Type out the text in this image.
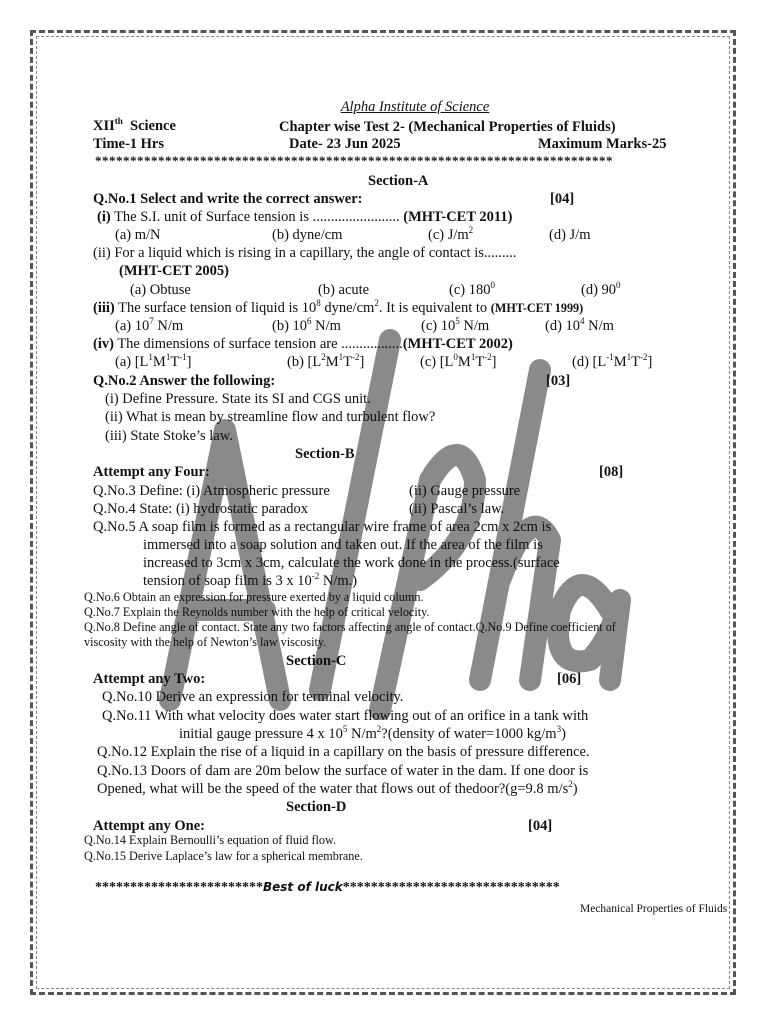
Alpha Institute of Science
XIIth Science	Chapter wise Test 2- (Mechanical Properties of Fluids)
Time-1 Hrs	Date- 23 Jun 2025	Maximum Marks-25
**************************************************************************
Section-A
Q.No.1 Select and write the correct answer:	[04]
(i) The S.I. unit of Surface tension is ........................ (MHT-CET 2011)
(a) m/N	(b) dyne/cm	(c) $J/m^2$	(d) J/m
(ii) For a liquid which is rising in a capillary, the angle of contact is.........
(MHT-CET 2005)
(a) Obtuse	(b) acute	(c) $180^0$	(d) $90^0$
(iii) The surface tension of liquid is $10^8$ dyne/$cm^2$. It is equivalent to (MHT-CET 1999)
(a) $10^7$ N/m	(b) $10^6$ N/m	(c) $10^5$ N/m	(d) $10^4$ N/m
(iv) The dimensions of surface tension are .................(MHT-CET 2002)
(a) $[L^1M^1T^{-1}]$	(b) $[L^2M^1T^{-2}]$	(c) $[L^0M^1T^{-2}]$	(d) $[L^{-1}M^1T^{-2}]$
Q.No.2 Answer the following:	[03]
(i) Define Pressure. State its SI and CGS unit.
(ii) What is mean by streamline flow and turbulent flow?
(iii) State Stoke’s law.
Section-B
Attempt any Four:	[08]
Q.No.3 Define: (i) Atmospheric pressure	(ii) Gauge pressure
Q.No.4 State: (i) hydrostatic paradox	(ii) Pascal’s law.
Q.No.5 A soap film is formed as a rectangular wire frame of area 2cm x 2cm is
immersed into a soap solution and taken out. If the area of the film is
increased to 3cm x 3cm, calculate the work done in the process.(surface
tension of soap film is 3 x $10^{-2}$ N/m.)
Q.No.6 Obtain an expression for pressure exerted by a liquid column.
Q.No.7 Explain the Reynolds number with the help of critical velocity.
Q.No.8 Define angle of contact. State any two factors affecting angle of contact.Q.No.9 Define coefficient of
viscosity with the help of Newton’s law viscosity.
Section-C
Attempt any Two:	[06]
Q.No.10 Derive an expression for terminal velocity.
Q.No.11 With what velocity does water start flowing out of an orifice in a tank with
initial gauge pressure 4 x $10^5$ $N/m^2?(density$ of water=1000 $kg/m^3$)
Q.No.12 Explain the rise of a liquid in a capillary on the basis of pressure difference.
Q.No.13 Doors of dam are 20m below the surface of water in the dam. If one door is
Opened, what will be the speed of the water that flows out of thedoor?(g=9.8 $m/s^2$)
Section-D
Attempt any One:	[04]
Q.No.14 Explain Bernoulli’s equation of fluid flow.
Q.No.15 Derive Laplace’s law for a spherical membrane.
************************Best of luck*******************************
Mechanical Properties of Fluids
